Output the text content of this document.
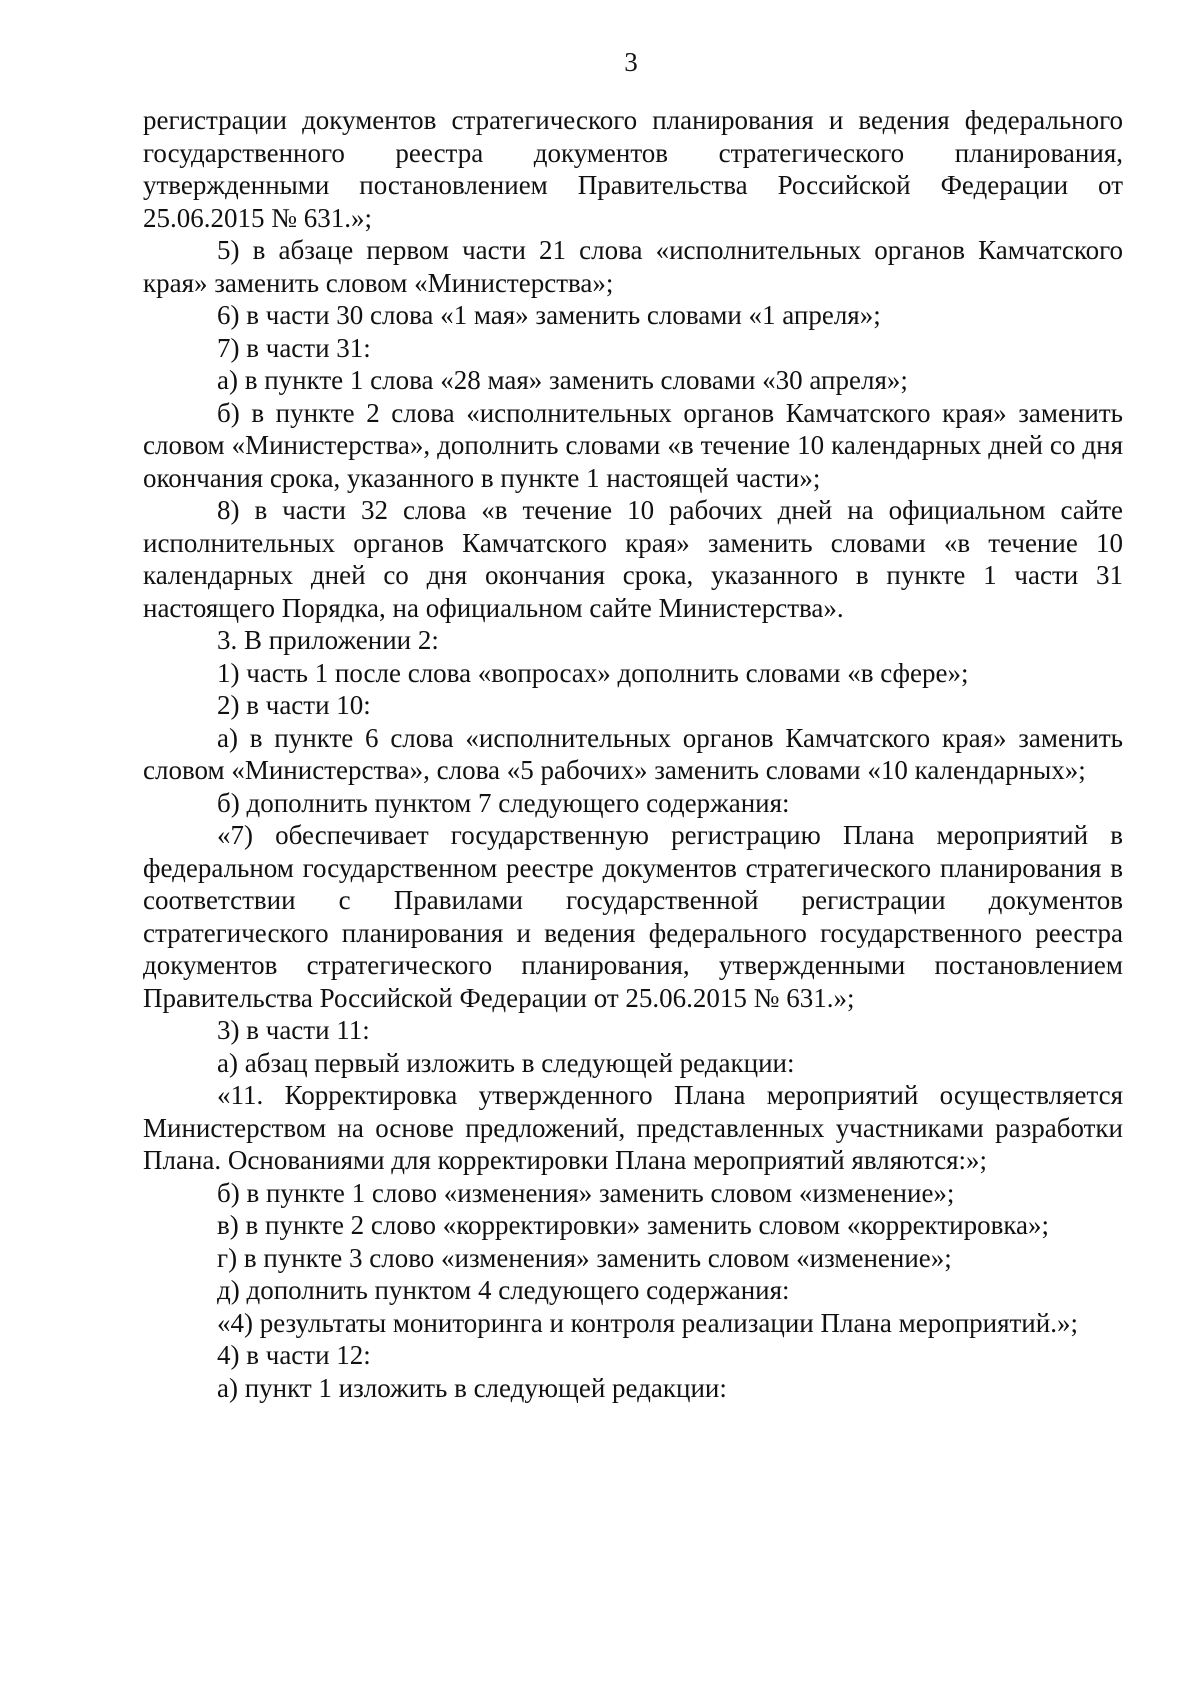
3

регистрации документов стратегического планирования и ведения федерального государственного реестра документов стратегического планирования, утвержденными постановлением Правительства Российской Федерации от 25.06.2015 № 631.»;

5) в абзаце первом части 21 слова «исполнительных органов Камчатского края» заменить словом «Министерства»;

6) в части 30 слова «1 мая» заменить словами «1 апреля»;

7) в части 31:

а) в пункте 1 слова «28 мая» заменить словами «30 апреля»;

б) в пункте 2 слова «исполнительных органов Камчатского края» заменить словом «Министерства», дополнить словами «в течение 10 календарных дней со дня окончания срока, указанного в пункте 1 настоящей части»;

8) в части 32 слова «в течение 10 рабочих дней на официальном сайте исполнительных органов Камчатского края» заменить словами «в течение 10 календарных дней со дня окончания срока, указанного в пункте 1 части 31 настоящего Порядка, на официальном сайте Министерства».

3. В приложении 2:

1) часть 1 после слова «вопросах» дополнить словами «в сфере»;

2) в части 10:

а) в пункте 6 слова «исполнительных органов Камчатского края» заменить словом «Министерства», слова «5 рабочих» заменить словами «10 календарных»;

б) дополнить пунктом 7 следующего содержания:

«7) обеспечивает государственную регистрацию Плана мероприятий в федеральном государственном реестре документов стратегического планирования в соответствии с Правилами государственной регистрации документов стратегического планирования и ведения федерального государственного реестра документов стратегического планирования, утвержденными постановлением Правительства Российской Федерации от 25.06.2015 № 631.»;

3) в части 11:

а) абзац первый изложить в следующей редакции:

«11. Корректировка утвержденного Плана мероприятий осуществляется Министерством на основе предложений, представленных участниками разработки Плана. Основаниями для корректировки Плана мероприятий являются:»;

б) в пункте 1 слово «изменения» заменить словом «изменение»;

в) в пункте 2 слово «корректировки» заменить словом «корректировка»;

г) в пункте 3 слово «изменения» заменить словом «изменение»;

д) дополнить пунктом 4 следующего содержания:

«4) результаты мониторинга и контроля реализации Плана мероприятий.»;

4) в части 12:

а) пункт 1 изложить в следующей редакции:
